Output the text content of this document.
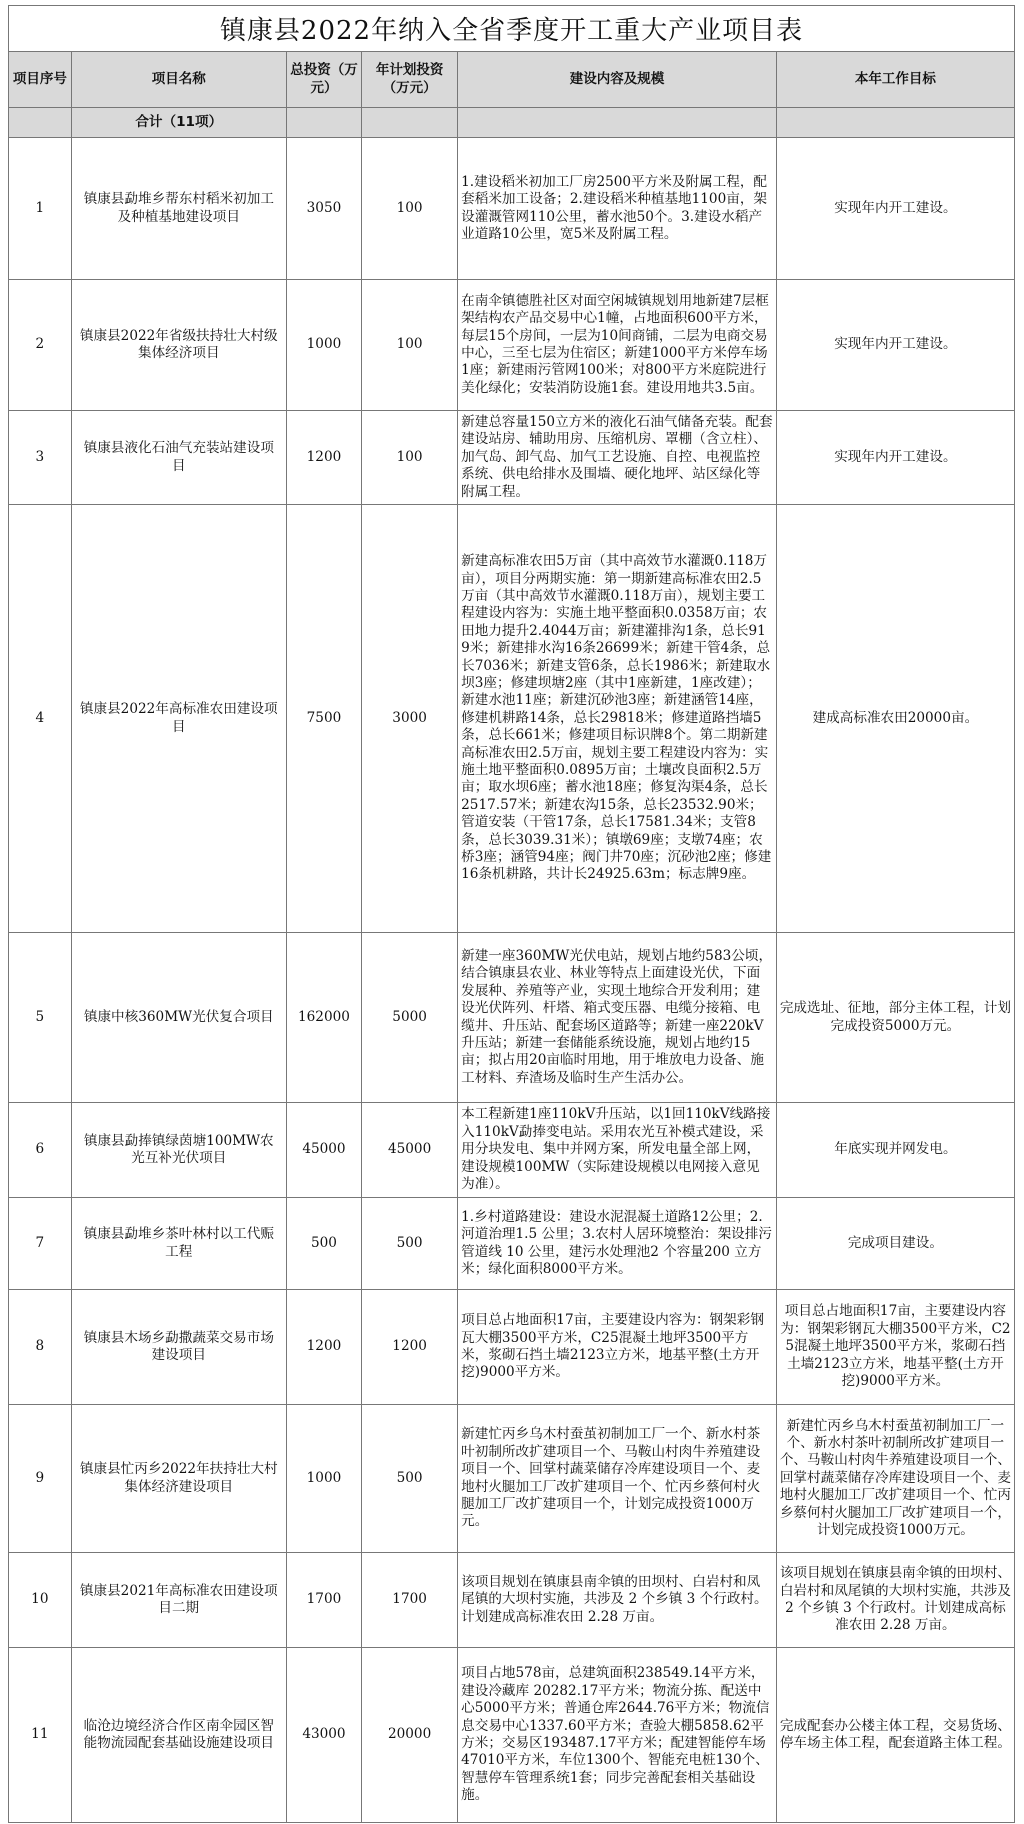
镇康县2022年纳入全省季度开工重大产业项目表
项目序号	项目名称	总投资（万元）	年计划投资（万元）	建设内容及规模	本年工作目标
	合计（11项）				
1	镇康县勐堆乡帮东村稻米初加工及种植基地建设项目	3050	100	1.建设稻米初加工厂房2500平方米及附属工程，配套稻米加工设备；2.建设稻米种植基地1100亩，架设灌溉管网110公里，蓄水池50个。3.建设水稻产业道路10公里，宽5米及附属工程。	实现年内开工建设。
2	镇康县2022年省级扶持壮大村级集体经济项目	1000	100	在南伞镇德胜社区对面空闲城镇规划用地新建7层框架结构农产品交易中心1幢，占地面积600平方米，每层15个房间，一层为10间商铺，二层为电商交易中心，三至七层为住宿区；新建1000平方米停车场1座；新建雨污管网100米；对800平方米庭院进行美化绿化；安装消防设施1套。建设用地共3.5亩。	实现年内开工建设。
3	镇康县液化石油气充装站建设项目	1200	100	新建总容量150立方米的液化石油气储备充装。配套建设站房、辅助用房、压缩机房、罩棚（含立柱）、加气岛、卸气岛、加气工艺设施、自控、电视监控系统、供电给排水及围墙、硬化地坪、站区绿化等附属工程。	实现年内开工建设。
4	镇康县2022年高标准农田建设项目	7500	3000	新建高标准农田5万亩（其中高效节水灌溉0.118万亩），项目分两期实施：第一期新建高标准农田2.5万亩（其中高效节水灌溉0.118万亩），规划主要工程建设内容为：实施土地平整面积0.0358万亩；农田地力提升2.4044万亩；新建灌排沟1条，总长919米；新建排水沟16条26699米；新建干管4条，总长7036米；新建支管6条，总长1986米；新建取水坝3座；修建坝塘2座（其中1座新建，1座改建）；新建水池11座；新建沉砂池3座；新建涵管14座，修建机耕路14条，总长29818米；修建道路挡墙5条，总长661米；修建项目标识牌8个。第二期新建高标准农田2.5万亩，规划主要工程建设内容为：实施土地平整面积0.0895万亩；土壤改良面积2.5万亩；取水坝6座；蓄水池18座；修复沟渠4条，总长2517.57米；新建农沟15条，总长23532.90米；管道安装（干管17条，总长17581.34米；支管8条，总长3039.31米）；镇墩69座；支墩74座；农桥3座；涵管94座；阀门井70座；沉砂池2座；修建16条机耕路，共计长24925.63m；标志牌9座。	建成高标准农田20000亩。
5	镇康中核360MW光伏复合项目	162000	5000	新建一座360MW光伏电站，规划占地约583公顷，结合镇康县农业、林业等特点上面建设光伏，下面发展种、养殖等产业，实现土地综合开发利用；建设光伏阵列、杆塔、箱式变压器、电缆分接箱、电缆井、升压站、配套场区道路等；新建一座220kV升压站；新建一套储能系统设施，规划占地约15亩；拟占用20亩临时用地，用于堆放电力设备、施工材料、弃渣场及临时生产生活办公。	完成选址、征地，部分主体工程，计划完成投资5000万元。
6	镇康县勐捧镇绿茵塘100MW农光互补光伏项目	45000	45000	本工程新建1座110kV升压站，以1回110kV线路接入110kV勐捧变电站。采用农光互补模式建设，采用分块发电、集中并网方案，所发电量全部上网，建设规模100MW（实际建设规模以电网接入意见为准）。	年底实现并网发电。
7	镇康县勐堆乡茶叶林村以工代赈工程	500	500	1.乡村道路建设：建设水泥混凝土道路12公里；2.河道治理1.5 公里；3.农村人居环境整治：架设排污管道线 10 公里，建污水处理池2 个容量200 立方米；绿化面积8000平方米。	完成项目建设。
8	镇康县木场乡勐撒蔬菜交易市场建设项目	1200	1200	项目总占地面积17亩，主要建设内容为：钢架彩钢瓦大棚3500平方米，C25混凝土地坪3500平方米，浆砌石挡土墙2123立方米，地基平整(土方开挖)9000平方米。	项目总占地面积17亩，主要建设内容为：钢架彩钢瓦大棚3500平方米，C25混凝土地坪3500平方米，浆砌石挡土墙2123立方米，地基平整(土方开挖)9000平方米。
9	镇康县忙丙乡2022年扶持壮大村集体经济建设项目	1000	500	新建忙丙乡乌木村蚕茧初制加工厂一个、新水村茶叶初制所改扩建项目一个、马鞍山村肉牛养殖建设项目一个、回掌村蔬菜储存冷库建设项目一个、麦地村火腿加工厂改扩建项目一个、忙丙乡蔡何村火腿加工厂改扩建项目一个，计划完成投资1000万元。	新建忙丙乡乌木村蚕茧初制加工厂一个、新水村茶叶初制所改扩建项目一个、马鞍山村肉牛养殖建设项目一个、回掌村蔬菜储存冷库建设项目一个、麦地村火腿加工厂改扩建项目一个、忙丙乡蔡何村火腿加工厂改扩建项目一个，计划完成投资1000万元。
10	镇康县2021年高标准农田建设项目二期	1700	1700	该项目规划在镇康县南伞镇的田坝村、白岩村和凤尾镇的大坝村实施，共涉及 2 个乡镇 3 个行政村。计划建成高标准农田 2.28 万亩。	该项目规划在镇康县南伞镇的田坝村、白岩村和凤尾镇的大坝村实施，共涉及 2 个乡镇 3 个行政村。计划建成高标准农田 2.28 万亩。
11	临沧边境经济合作区南伞园区智能物流园配套基础设施建设项目	43000	20000	项目占地578亩，总建筑面积238549.14平方米，建设冷藏库 20282.17平方米；物流分拣、配送中心5000平方米；普通仓库2644.76平方米；物流信息交易中心1337.60平方米；查验大棚5858.62平方米；交易区193487.17平方米；配建智能停车场 47010平方米，车位1300个、智能充电桩130个、智慧停车管理系统1套；同步完善配套相关基础设施。	完成配套办公楼主体工程，交易货场、停车场主体工程，配套道路主体工程。
